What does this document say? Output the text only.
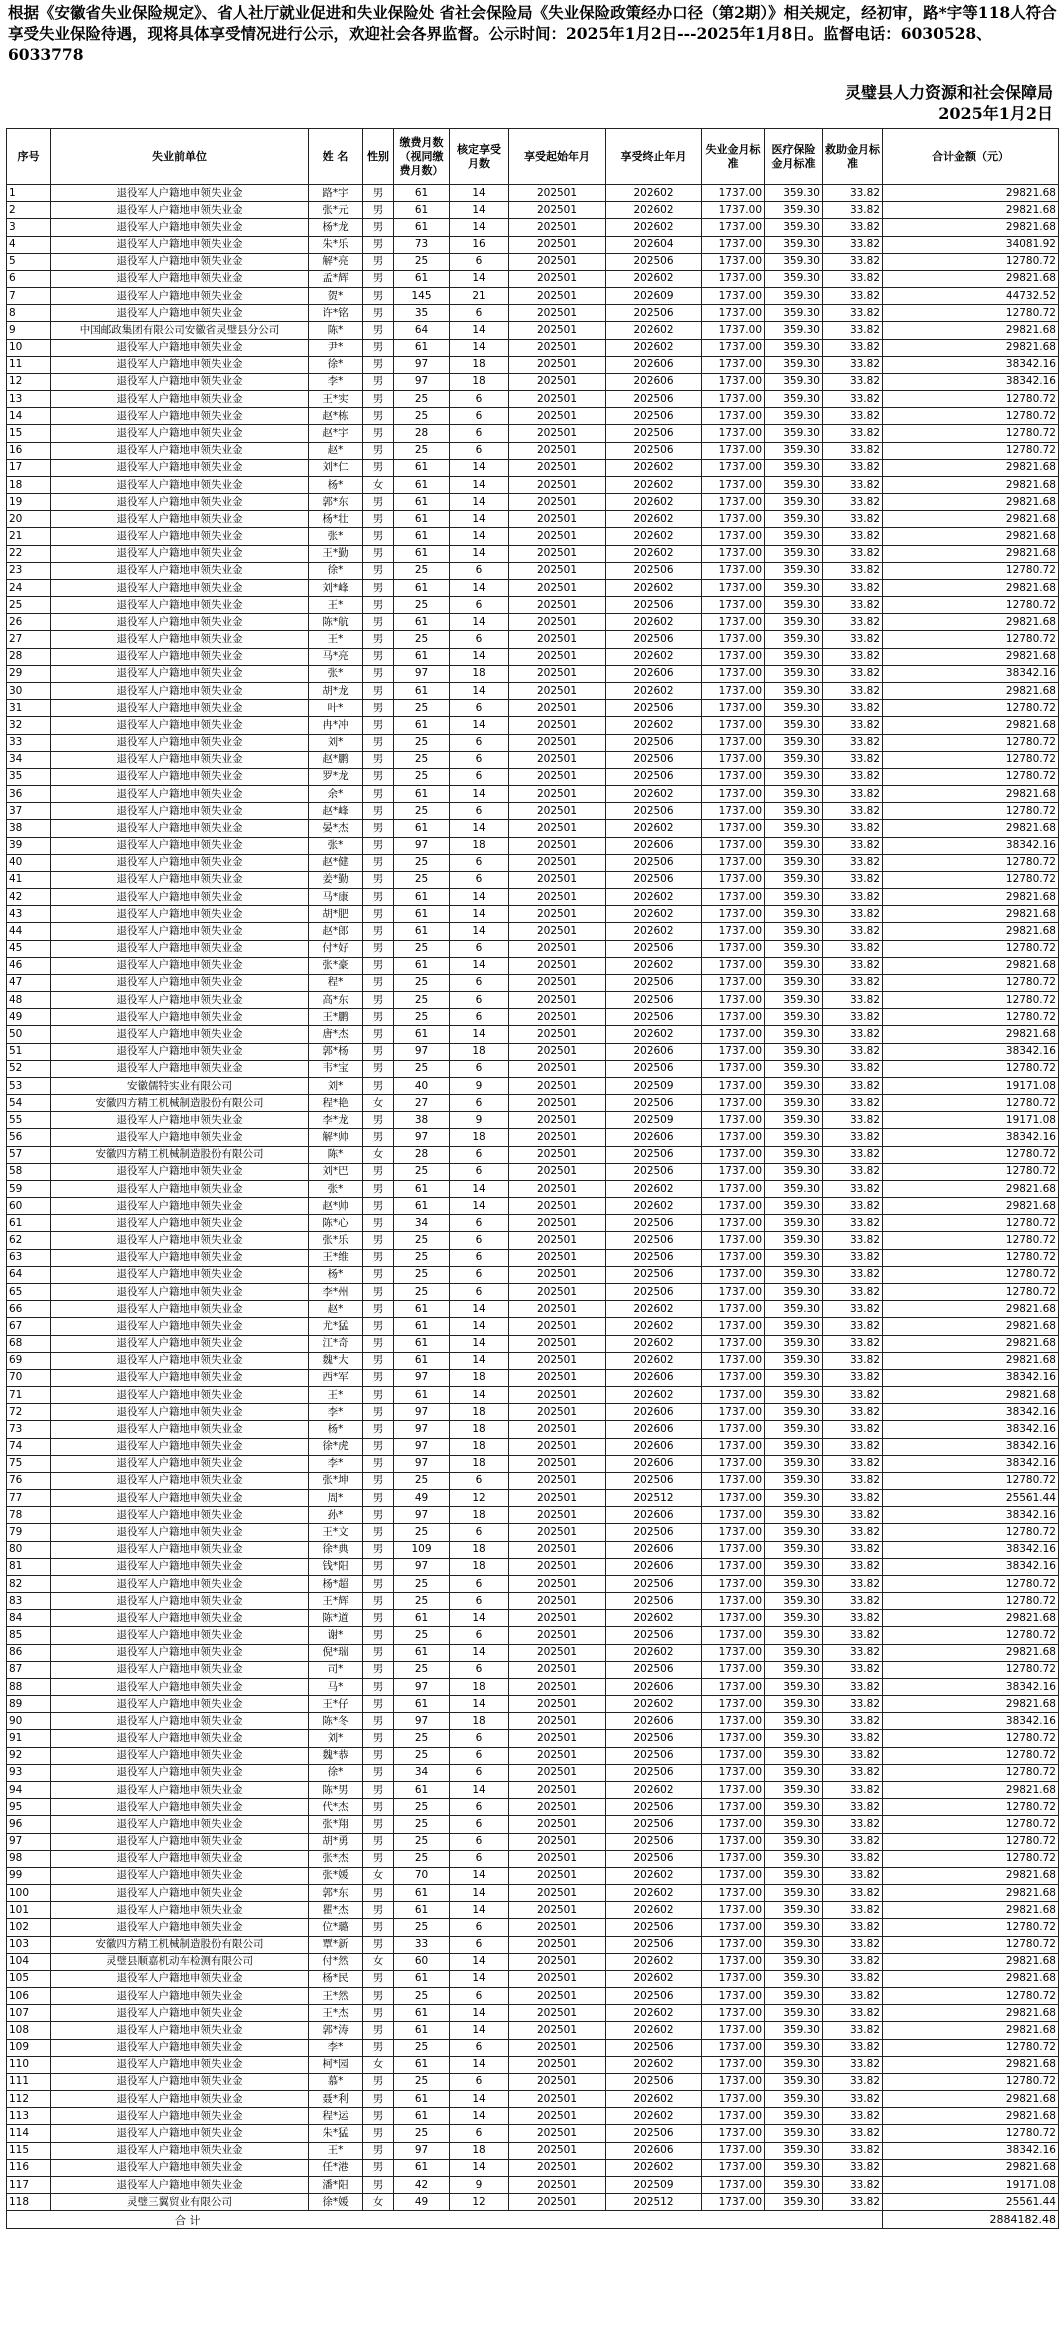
根据《安徽省失业保险规定》、省人社厅就业促进和失业保险处 省社会保险局《失业保险政策经办口径（第2期）》相关规定，经初审，路*宇等118人符合享受失业保险待遇，现将具体享受情况进行公示，欢迎社会各界监督。公示时间：2025年1月2日---2025年1月8日。监督电话：6030528、6033778
灵璧县人力资源和社会保障局
2025年1月2日
序号	失业前单位	姓 名	性别	缴费月数（视同缴费月数）	核定享受月数	享受起始年月	享受终止年月	失业金月标准	医疗保险金月标准	救助金月标准	合计金额（元）
1	退役军人户籍地申领失业金	路*宇	男	61	14	202501	202602	1737.00	359.30	33.82	29821.68
2	退役军人户籍地申领失业金	张*元	男	61	14	202501	202602	1737.00	359.30	33.82	29821.68
3	退役军人户籍地申领失业金	杨*龙	男	61	14	202501	202602	1737.00	359.30	33.82	29821.68
4	退役军人户籍地申领失业金	朱*乐	男	73	16	202501	202604	1737.00	359.30	33.82	34081.92
5	退役军人户籍地申领失业金	解*亮	男	25	6	202501	202506	1737.00	359.30	33.82	12780.72
6	退役军人户籍地申领失业金	孟*辉	男	61	14	202501	202602	1737.00	359.30	33.82	29821.68
7	退役军人户籍地申领失业金	贺*	男	145	21	202501	202609	1737.00	359.30	33.82	44732.52
8	退役军人户籍地申领失业金	许*铭	男	35	6	202501	202506	1737.00	359.30	33.82	12780.72
9	中国邮政集团有限公司安徽省灵璧县分公司	陈*	男	64	14	202501	202602	1737.00	359.30	33.82	29821.68
10	退役军人户籍地申领失业金	尹*	男	61	14	202501	202602	1737.00	359.30	33.82	29821.68
11	退役军人户籍地申领失业金	徐*	男	97	18	202501	202606	1737.00	359.30	33.82	38342.16
12	退役军人户籍地申领失业金	李*	男	97	18	202501	202606	1737.00	359.30	33.82	38342.16
13	退役军人户籍地申领失业金	王*实	男	25	6	202501	202506	1737.00	359.30	33.82	12780.72
14	退役军人户籍地申领失业金	赵*栋	男	25	6	202501	202506	1737.00	359.30	33.82	12780.72
15	退役军人户籍地申领失业金	赵*宇	男	28	6	202501	202506	1737.00	359.30	33.82	12780.72
16	退役军人户籍地申领失业金	赵*	男	25	6	202501	202506	1737.00	359.30	33.82	12780.72
17	退役军人户籍地申领失业金	刘*仁	男	61	14	202501	202602	1737.00	359.30	33.82	29821.68
18	退役军人户籍地申领失业金	杨*	女	61	14	202501	202602	1737.00	359.30	33.82	29821.68
19	退役军人户籍地申领失业金	郭*东	男	61	14	202501	202602	1737.00	359.30	33.82	29821.68
20	退役军人户籍地申领失业金	杨*壮	男	61	14	202501	202602	1737.00	359.30	33.82	29821.68
21	退役军人户籍地申领失业金	张*	男	61	14	202501	202602	1737.00	359.30	33.82	29821.68
22	退役军人户籍地申领失业金	王*勤	男	61	14	202501	202602	1737.00	359.30	33.82	29821.68
23	退役军人户籍地申领失业金	徐*	男	25	6	202501	202506	1737.00	359.30	33.82	12780.72
24	退役军人户籍地申领失业金	刘*峰	男	61	14	202501	202602	1737.00	359.30	33.82	29821.68
25	退役军人户籍地申领失业金	王*	男	25	6	202501	202506	1737.00	359.30	33.82	12780.72
26	退役军人户籍地申领失业金	陈*航	男	61	14	202501	202602	1737.00	359.30	33.82	29821.68
27	退役军人户籍地申领失业金	王*	男	25	6	202501	202506	1737.00	359.30	33.82	12780.72
28	退役军人户籍地申领失业金	马*亮	男	61	14	202501	202602	1737.00	359.30	33.82	29821.68
29	退役军人户籍地申领失业金	张*	男	97	18	202501	202606	1737.00	359.30	33.82	38342.16
30	退役军人户籍地申领失业金	胡*龙	男	61	14	202501	202602	1737.00	359.30	33.82	29821.68
31	退役军人户籍地申领失业金	叶*	男	25	6	202501	202506	1737.00	359.30	33.82	12780.72
32	退役军人户籍地申领失业金	冉*冲	男	61	14	202501	202602	1737.00	359.30	33.82	29821.68
33	退役军人户籍地申领失业金	刘*	男	25	6	202501	202506	1737.00	359.30	33.82	12780.72
34	退役军人户籍地申领失业金	赵*鹏	男	25	6	202501	202506	1737.00	359.30	33.82	12780.72
35	退役军人户籍地申领失业金	罗*龙	男	25	6	202501	202506	1737.00	359.30	33.82	12780.72
36	退役军人户籍地申领失业金	余*	男	61	14	202501	202602	1737.00	359.30	33.82	29821.68
37	退役军人户籍地申领失业金	赵*峰	男	25	6	202501	202506	1737.00	359.30	33.82	12780.72
38	退役军人户籍地申领失业金	晏*杰	男	61	14	202501	202602	1737.00	359.30	33.82	29821.68
39	退役军人户籍地申领失业金	张*	男	97	18	202501	202606	1737.00	359.30	33.82	38342.16
40	退役军人户籍地申领失业金	赵*健	男	25	6	202501	202506	1737.00	359.30	33.82	12780.72
41	退役军人户籍地申领失业金	姜*勤	男	25	6	202501	202506	1737.00	359.30	33.82	12780.72
42	退役军人户籍地申领失业金	马*康	男	61	14	202501	202602	1737.00	359.30	33.82	29821.68
43	退役军人户籍地申领失业金	胡*肥	男	61	14	202501	202602	1737.00	359.30	33.82	29821.68
44	退役军人户籍地申领失业金	赵*郎	男	61	14	202501	202602	1737.00	359.30	33.82	29821.68
45	退役军人户籍地申领失业金	付*好	男	25	6	202501	202506	1737.00	359.30	33.82	12780.72
46	退役军人户籍地申领失业金	张*豪	男	61	14	202501	202602	1737.00	359.30	33.82	29821.68
47	退役军人户籍地申领失业金	程*	男	25	6	202501	202506	1737.00	359.30	33.82	12780.72
48	退役军人户籍地申领失业金	高*东	男	25	6	202501	202506	1737.00	359.30	33.82	12780.72
49	退役军人户籍地申领失业金	王*鹏	男	25	6	202501	202506	1737.00	359.30	33.82	12780.72
50	退役军人户籍地申领失业金	唐*杰	男	61	14	202501	202602	1737.00	359.30	33.82	29821.68
51	退役军人户籍地申领失业金	郭*杨	男	97	18	202501	202606	1737.00	359.30	33.82	38342.16
52	退役军人户籍地申领失业金	韦*宝	男	25	6	202501	202506	1737.00	359.30	33.82	12780.72
53	安徽儒特实业有限公司	刘*	男	40	9	202501	202509	1737.00	359.30	33.82	19171.08
54	安徽四方精工机械制造股份有限公司	程*艳	女	27	6	202501	202506	1737.00	359.30	33.82	12780.72
55	退役军人户籍地申领失业金	李*龙	男	38	9	202501	202509	1737.00	359.30	33.82	19171.08
56	退役军人户籍地申领失业金	解*帅	男	97	18	202501	202606	1737.00	359.30	33.82	38342.16
57	安徽四方精工机械制造股份有限公司	陈*	女	28	6	202501	202506	1737.00	359.30	33.82	12780.72
58	退役军人户籍地申领失业金	刘*巴	男	25	6	202501	202506	1737.00	359.30	33.82	12780.72
59	退役军人户籍地申领失业金	张*	男	61	14	202501	202602	1737.00	359.30	33.82	29821.68
60	退役军人户籍地申领失业金	赵*帅	男	61	14	202501	202602	1737.00	359.30	33.82	29821.68
61	退役军人户籍地申领失业金	陈*心	男	34	6	202501	202506	1737.00	359.30	33.82	12780.72
62	退役军人户籍地申领失业金	张*乐	男	25	6	202501	202506	1737.00	359.30	33.82	12780.72
63	退役军人户籍地申领失业金	王*维	男	25	6	202501	202506	1737.00	359.30	33.82	12780.72
64	退役军人户籍地申领失业金	杨*	男	25	6	202501	202506	1737.00	359.30	33.82	12780.72
65	退役军人户籍地申领失业金	李*州	男	25	6	202501	202506	1737.00	359.30	33.82	12780.72
66	退役军人户籍地申领失业金	赵*	男	61	14	202501	202602	1737.00	359.30	33.82	29821.68
67	退役军人户籍地申领失业金	尤*猛	男	61	14	202501	202602	1737.00	359.30	33.82	29821.68
68	退役军人户籍地申领失业金	江*奇	男	61	14	202501	202602	1737.00	359.30	33.82	29821.68
69	退役军人户籍地申领失业金	魏*大	男	61	14	202501	202602	1737.00	359.30	33.82	29821.68
70	退役军人户籍地申领失业金	西*军	男	97	18	202501	202606	1737.00	359.30	33.82	38342.16
71	退役军人户籍地申领失业金	王*	男	61	14	202501	202602	1737.00	359.30	33.82	29821.68
72	退役军人户籍地申领失业金	李*	男	97	18	202501	202606	1737.00	359.30	33.82	38342.16
73	退役军人户籍地申领失业金	杨*	男	97	18	202501	202606	1737.00	359.30	33.82	38342.16
74	退役军人户籍地申领失业金	徐*虎	男	97	18	202501	202606	1737.00	359.30	33.82	38342.16
75	退役军人户籍地申领失业金	李*	男	97	18	202501	202606	1737.00	359.30	33.82	38342.16
76	退役军人户籍地申领失业金	张*坤	男	25	6	202501	202506	1737.00	359.30	33.82	12780.72
77	退役军人户籍地申领失业金	周*	男	49	12	202501	202512	1737.00	359.30	33.82	25561.44
78	退役军人户籍地申领失业金	孙*	男	97	18	202501	202606	1737.00	359.30	33.82	38342.16
79	退役军人户籍地申领失业金	王*文	男	25	6	202501	202506	1737.00	359.30	33.82	12780.72
80	退役军人户籍地申领失业金	徐*典	男	109	18	202501	202606	1737.00	359.30	33.82	38342.16
81	退役军人户籍地申领失业金	钱*阳	男	97	18	202501	202606	1737.00	359.30	33.82	38342.16
82	退役军人户籍地申领失业金	杨*超	男	25	6	202501	202506	1737.00	359.30	33.82	12780.72
83	退役军人户籍地申领失业金	王*辉	男	25	6	202501	202506	1737.00	359.30	33.82	12780.72
84	退役军人户籍地申领失业金	陈*道	男	61	14	202501	202602	1737.00	359.30	33.82	29821.68
85	退役军人户籍地申领失业金	谢*	男	25	6	202501	202506	1737.00	359.30	33.82	12780.72
86	退役军人户籍地申领失业金	倪*瑞	男	61	14	202501	202602	1737.00	359.30	33.82	29821.68
87	退役军人户籍地申领失业金	司*	男	25	6	202501	202506	1737.00	359.30	33.82	12780.72
88	退役军人户籍地申领失业金	马*	男	97	18	202501	202606	1737.00	359.30	33.82	38342.16
89	退役军人户籍地申领失业金	王*仔	男	61	14	202501	202602	1737.00	359.30	33.82	29821.68
90	退役军人户籍地申领失业金	陈*冬	男	97	18	202501	202606	1737.00	359.30	33.82	38342.16
91	退役军人户籍地申领失业金	刘*	男	25	6	202501	202506	1737.00	359.30	33.82	12780.72
92	退役军人户籍地申领失业金	魏*恭	男	25	6	202501	202506	1737.00	359.30	33.82	12780.72
93	退役军人户籍地申领失业金	徐*	男	34	6	202501	202506	1737.00	359.30	33.82	12780.72
94	退役军人户籍地申领失业金	陈*男	男	61	14	202501	202602	1737.00	359.30	33.82	29821.68
95	退役军人户籍地申领失业金	代*杰	男	25	6	202501	202506	1737.00	359.30	33.82	12780.72
96	退役军人户籍地申领失业金	张*翔	男	25	6	202501	202506	1737.00	359.30	33.82	12780.72
97	退役军人户籍地申领失业金	胡*勇	男	25	6	202501	202506	1737.00	359.30	33.82	12780.72
98	退役军人户籍地申领失业金	张*杰	男	25	6	202501	202506	1737.00	359.30	33.82	12780.72
99	退役军人户籍地申领失业金	张*媛	女	70	14	202501	202602	1737.00	359.30	33.82	29821.68
100	退役军人户籍地申领失业金	郭*东	男	61	14	202501	202602	1737.00	359.30	33.82	29821.68
101	退役军人户籍地申领失业金	瞿*杰	男	61	14	202501	202602	1737.00	359.30	33.82	29821.68
102	退役军人户籍地申领失业金	位*璐	男	25	6	202501	202506	1737.00	359.30	33.82	12780.72
103	安徽四方精工机械制造股份有限公司	覃*新	男	33	6	202501	202506	1737.00	359.30	33.82	12780.72
104	灵璧县顺嘉机动车检测有限公司	付*然	女	60	14	202501	202602	1737.00	359.30	33.82	29821.68
105	退役军人户籍地申领失业金	杨*民	男	61	14	202501	202602	1737.00	359.30	33.82	29821.68
106	退役军人户籍地申领失业金	王*然	男	25	6	202501	202506	1737.00	359.30	33.82	12780.72
107	退役军人户籍地申领失业金	王*杰	男	61	14	202501	202602	1737.00	359.30	33.82	29821.68
108	退役军人户籍地申领失业金	郭*涛	男	61	14	202501	202602	1737.00	359.30	33.82	29821.68
109	退役军人户籍地申领失业金	李*	男	25	6	202501	202506	1737.00	359.30	33.82	12780.72
110	退役军人户籍地申领失业金	柯*园	女	61	14	202501	202602	1737.00	359.30	33.82	29821.68
111	退役军人户籍地申领失业金	慕*	男	25	6	202501	202506	1737.00	359.30	33.82	12780.72
112	退役军人户籍地申领失业金	聂*利	男	61	14	202501	202602	1737.00	359.30	33.82	29821.68
113	退役军人户籍地申领失业金	程*运	男	61	14	202501	202602	1737.00	359.30	33.82	29821.68
114	退役军人户籍地申领失业金	朱*猛	男	25	6	202501	202506	1737.00	359.30	33.82	12780.72
115	退役军人户籍地申领失业金	王*	男	97	18	202501	202606	1737.00	359.30	33.82	38342.16
116	退役军人户籍地申领失业金	任*港	男	61	14	202501	202602	1737.00	359.30	33.82	29821.68
117	退役军人户籍地申领失业金	潘*阳	男	42	9	202501	202509	1737.00	359.30	33.82	19171.08
118	灵璧三翼贸业有限公司	徐*媛	女	49	12	202501	202512	1737.00	359.30	33.82	25561.44
合 计											2884182.48
